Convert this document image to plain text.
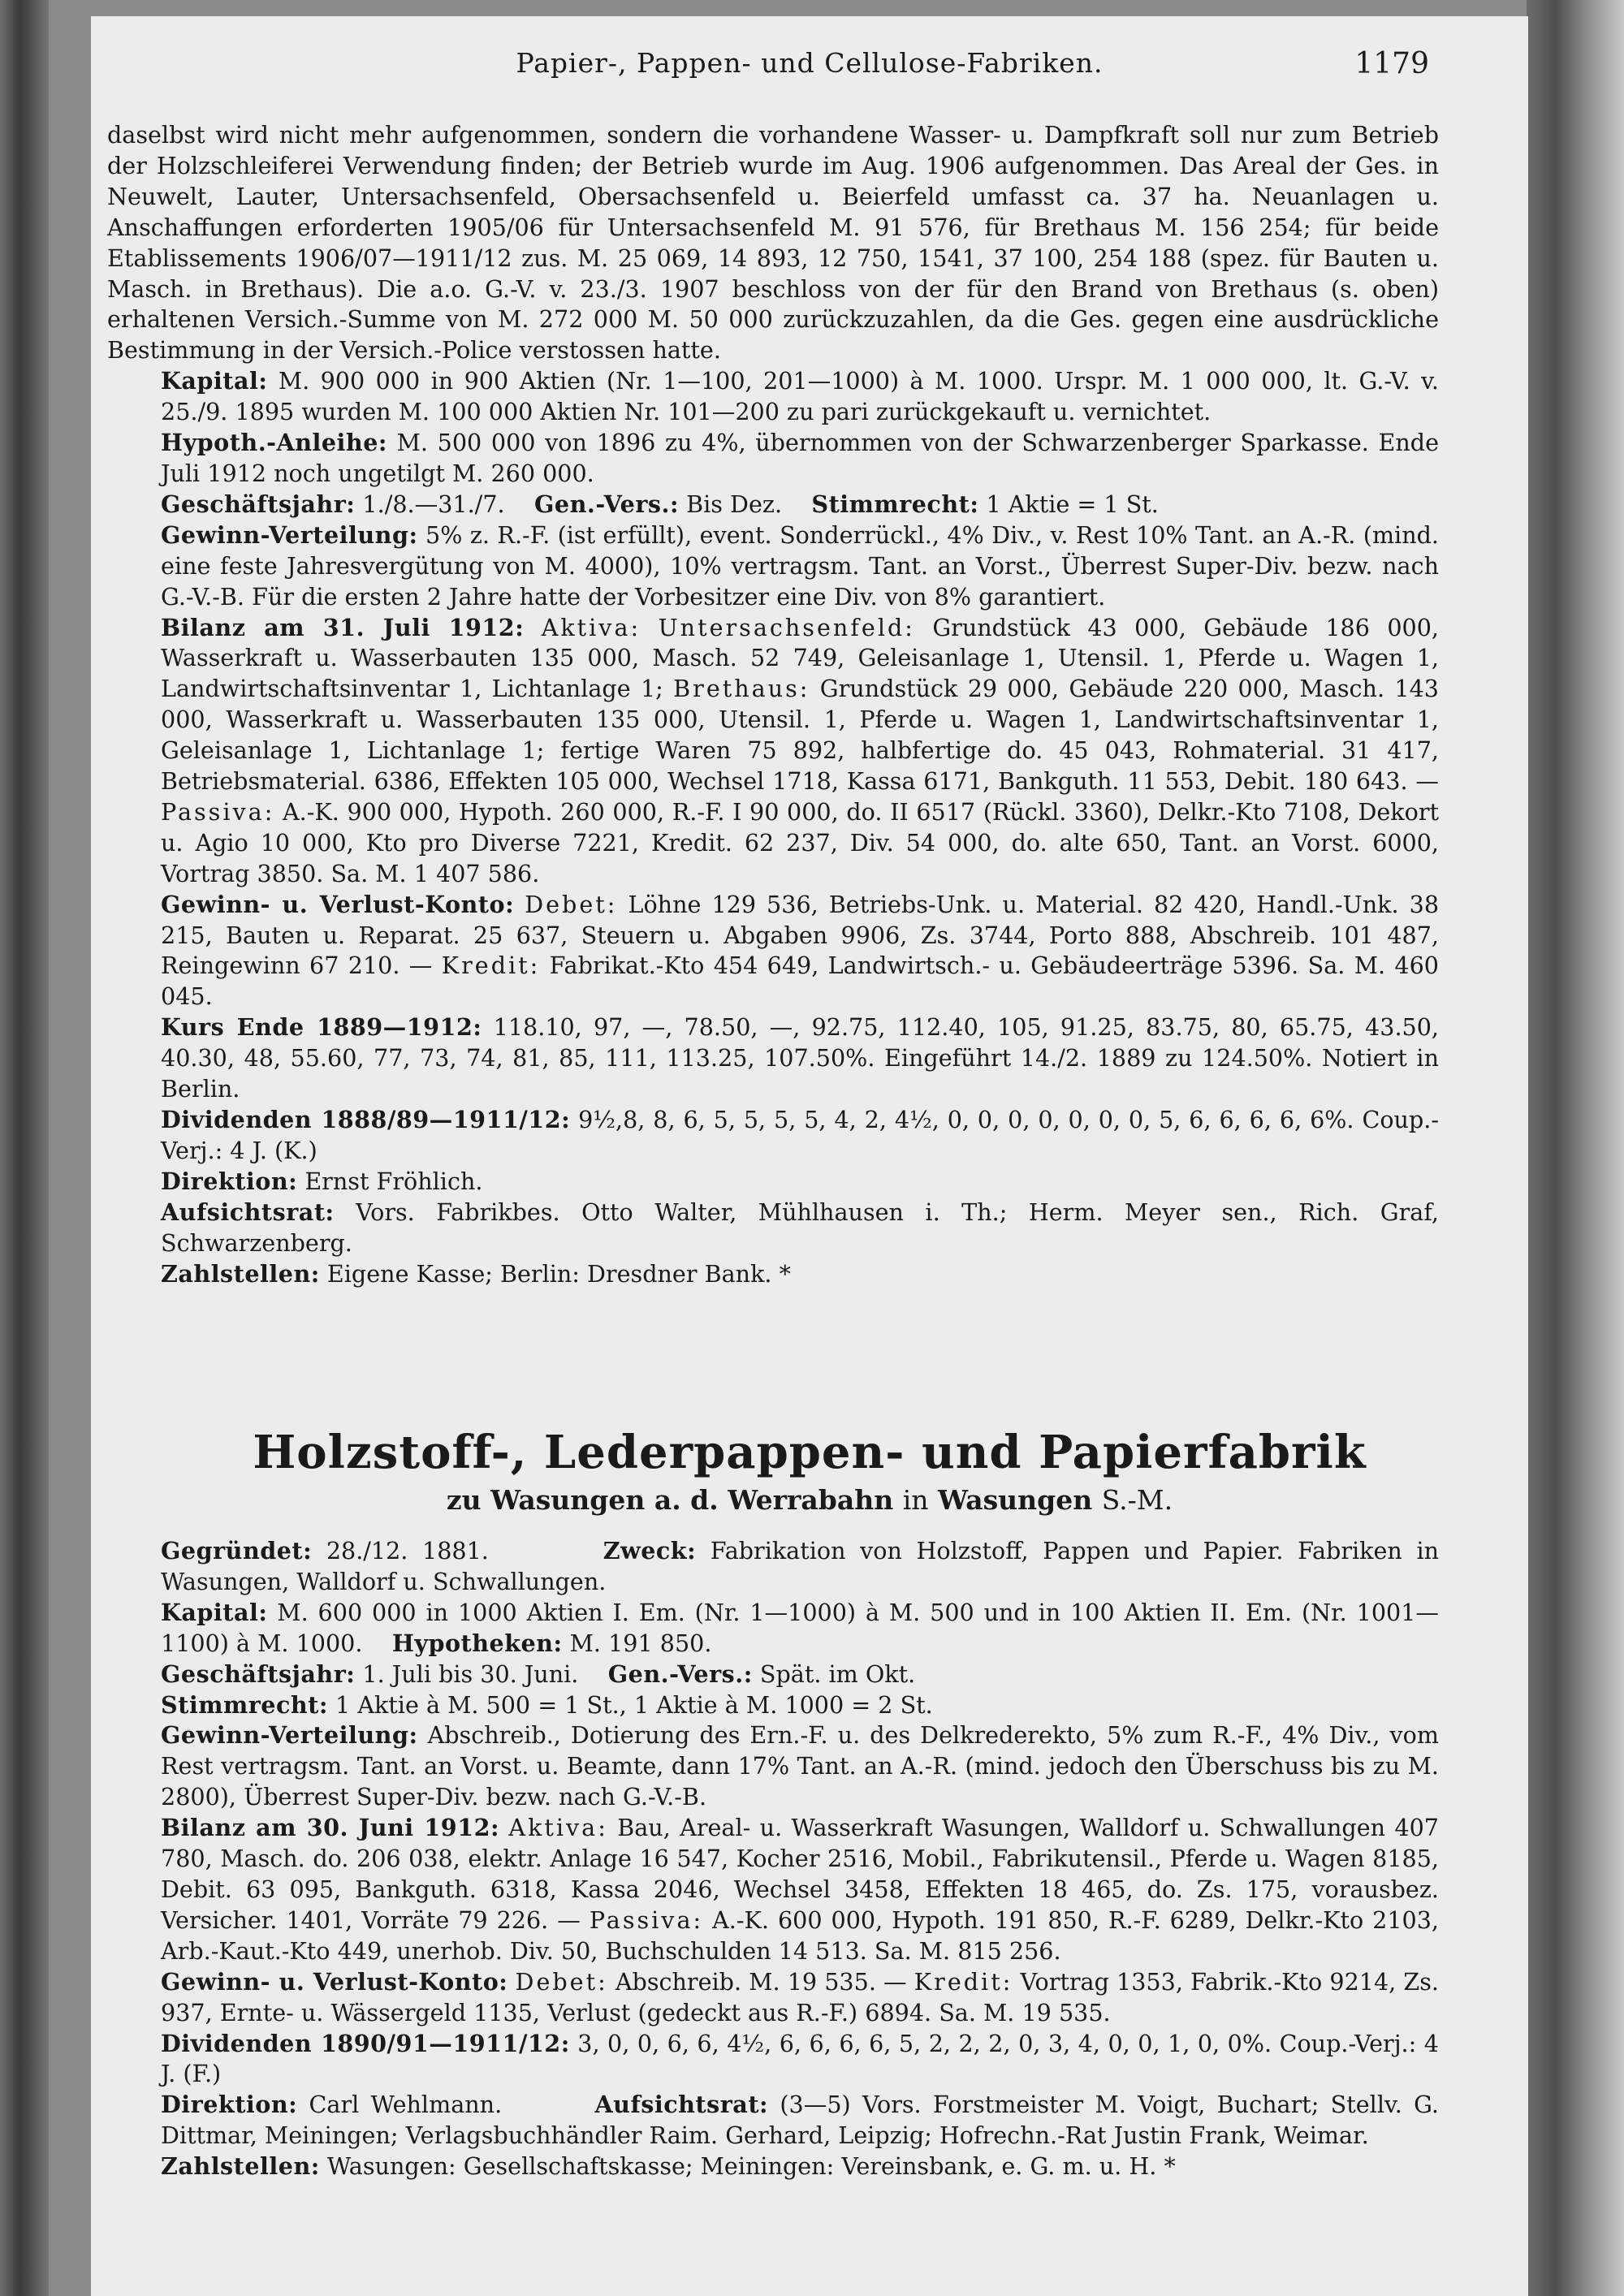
Papier-, Pappen- und Cellulose-Fabriken.	1179

daselbst wird nicht mehr aufgenommen, sondern die vorhandene Wasser- u. Dampfkraft soll nur zum Betrieb der Holzschleiferei Verwendung finden; der Betrieb wurde im Aug. 1906 aufgenommen. Das Areal der Ges. in Neuwelt, Lauter, Untersachsenfeld, Obersachsenfeld u. Beierfeld umfasst ca. 37 ha. Neuanlagen u. Anschaffungen erforderten 1905/06 für Untersachsenfeld M. 91 576, für Brethaus M. 156 254; für beide Etablissements 1906/07—1911/12 zus. M. 25 069, 14 893, 12 750, 1541, 37 100, 254 188 (spez. für Bauten u. Masch. in Brethaus). Die a.o. G.-V. v. 23./3. 1907 beschloss von der für den Brand von Brethaus (s. oben) erhaltenen Versich.-Summe von M. 272 000 M. 50 000 zurückzuzahlen, da die Ges. gegen eine ausdrückliche Bestimmung in der Versich.-Police verstossen hatte.

Kapital: M. 900 000 in 900 Aktien (Nr. 1—100, 201—1000) à M. 1000. Urspr. M. 1 000 000, lt. G.-V. v. 25./9. 1895 wurden M. 100 000 Aktien Nr. 101—200 zu pari zurückgekauft u. vernichtet.

Hypoth.-Anleihe: M. 500 000 von 1896 zu 4%, übernommen von der Schwarzenberger Sparkasse. Ende Juli 1912 noch ungetilgt M. 260 000.

Geschäftsjahr: 1./8.—31./7. Gen.-Vers.: Bis Dez. Stimmrecht: 1 Aktie = 1 St.

Gewinn-Verteilung: 5% z. R.-F. (ist erfüllt), event. Sonderrückl., 4% Div., v. Rest 10% Tant. an A.-R. (mind. eine feste Jahresvergütung von M. 4000), 10% vertragsm. Tant. an Vorst., Überrest Super-Div. bezw. nach G.-V.-B. Für die ersten 2 Jahre hatte der Vorbesitzer eine Div. von 8% garantiert.

Bilanz am 31. Juli 1912: Aktiva: Untersachsenfeld: Grundstück 43 000, Gebäude 186 000, Wasserkraft u. Wasserbauten 135 000, Masch. 52 749, Geleisanlage 1, Utensil. 1, Pferde u. Wagen 1, Landwirtschaftsinventar 1, Lichtanlage 1; Brethaus: Grundstück 29 000, Gebäude 220 000, Masch. 143 000, Wasserkraft u. Wasserbauten 135 000, Utensil. 1, Pferde u. Wagen 1, Landwirtschaftsinventar 1, Geleisanlage 1, Lichtanlage 1; fertige Waren 75 892, halbfertige do. 45 043, Rohmaterial. 31 417, Betriebsmaterial. 6386, Effekten 105 000, Wechsel 1718, Kassa 6171, Bankguth. 11 553, Debit. 180 643. — Passiva: A.-K. 900 000, Hypoth. 260 000, R.-F. I 90 000, do. II 6517 (Rückl. 3360), Delkr.-Kto 7108, Dekort u. Agio 10 000, Kto pro Diverse 7221, Kredit. 62 237, Div. 54 000, do. alte 650, Tant. an Vorst. 6000, Vortrag 3850. Sa. M. 1 407 586.

Gewinn- u. Verlust-Konto: Debet: Löhne 129 536, Betriebs-Unk. u. Material. 82 420, Handl.-Unk. 38 215, Bauten u. Reparat. 25 637, Steuern u. Abgaben 9906, Zs. 3744, Porto 888, Abschreib. 101 487, Reingewinn 67 210. — Kredit: Fabrikat.-Kto 454 649, Landwirtsch.- u. Gebäudeerträge 5396. Sa. M. 460 045.

Kurs Ende 1889—1912: 118.10, 97, —, 78.50, —, 92.75, 112.40, 105, 91.25, 83.75, 80, 65.75, 43.50, 40.30, 48, 55.60, 77, 73, 74, 81, 85, 111, 113.25, 107.50%. Eingeführt 14./2. 1889 zu 124.50%. Notiert in Berlin.

Dividenden 1888/89—1911/12: 9½,8, 8, 6, 5, 5, 5, 5, 4, 2, 4½, 0, 0, 0, 0, 0, 0, 0, 5, 6, 6, 6, 6, 6%. Coup.-Verj.: 4 J. (K.)

Direktion: Ernst Fröhlich.

Aufsichtsrat: Vors. Fabrikbes. Otto Walter, Mühlhausen i. Th.; Herm. Meyer sen., Rich. Graf, Schwarzenberg.

Zahlstellen: Eigene Kasse; Berlin: Dresdner Bank. *

Holzstoff-, Lederpappen- und Papierfabrik
zu Wasungen a. d. Werrabahn in Wasungen S.-M.

Gegründet: 28./12. 1881.	Zweck: Fabrikation von Holzstoff, Pappen und Papier. Fabriken in Wasungen, Walldorf u. Schwallungen.

Kapital: M. 600 000 in 1000 Aktien I. Em. (Nr. 1—1000) à M. 500 und in 100 Aktien II. Em. (Nr. 1001—1100) à M. 1000. Hypotheken: M. 191 850.

Geschäftsjahr: 1. Juli bis 30. Juni. Gen.-Vers.: Spät. im Okt.

Stimmrecht: 1 Aktie à M. 500 = 1 St., 1 Aktie à M. 1000 = 2 St.

Gewinn-Verteilung: Abschreib., Dotierung des Ern.-F. u. des Delkrederekto, 5% zum R.-F., 4% Div., vom Rest vertragsm. Tant. an Vorst. u. Beamte, dann 17% Tant. an A.-R. (mind. jedoch den Überschuss bis zu M. 2800), Überrest Super-Div. bezw. nach G.-V.-B.

Bilanz am 30. Juni 1912: Aktiva: Bau, Areal- u. Wasserkraft Wasungen, Walldorf u. Schwallungen 407 780, Masch. do. 206 038, elektr. Anlage 16 547, Kocher 2516, Mobil., Fabrikutensil., Pferde u. Wagen 8185, Debit. 63 095, Bankguth. 6318, Kassa 2046, Wechsel 3458, Effekten 18 465, do. Zs. 175, vorausbez. Versicher. 1401, Vorräte 79 226. — Passiva: A.-K. 600 000, Hypoth. 191 850, R.-F. 6289, Delkr.-Kto 2103, Arb.-Kaut.-Kto 449, unerhob. Div. 50, Buchschulden 14 513. Sa. M. 815 256.

Gewinn- u. Verlust-Konto: Debet: Abschreib. M. 19 535. — Kredit: Vortrag 1353, Fabrik.-Kto 9214, Zs. 937, Ernte- u. Wässergeld 1135, Verlust (gedeckt aus R.-F.) 6894. Sa. M. 19 535.

Dividenden 1890/91—1911/12: 3, 0, 0, 6, 6, 4½, 6, 6, 6, 6, 5, 2, 2, 2, 0, 3, 4, 0, 0, 1, 0, 0%. Coup.-Verj.: 4 J. (F.)

Direktion: Carl Wehlmann.	Aufsichtsrat: (3—5) Vors. Forstmeister M. Voigt, Buchart; Stellv. G. Dittmar, Meiningen; Verlagsbuchhändler Raim. Gerhard, Leipzig; Hofrechn.-Rat Justin Frank, Weimar.

Zahlstellen: Wasungen: Gesellschaftskasse; Meiningen: Vereinsbank, e. G. m. u. H. *
